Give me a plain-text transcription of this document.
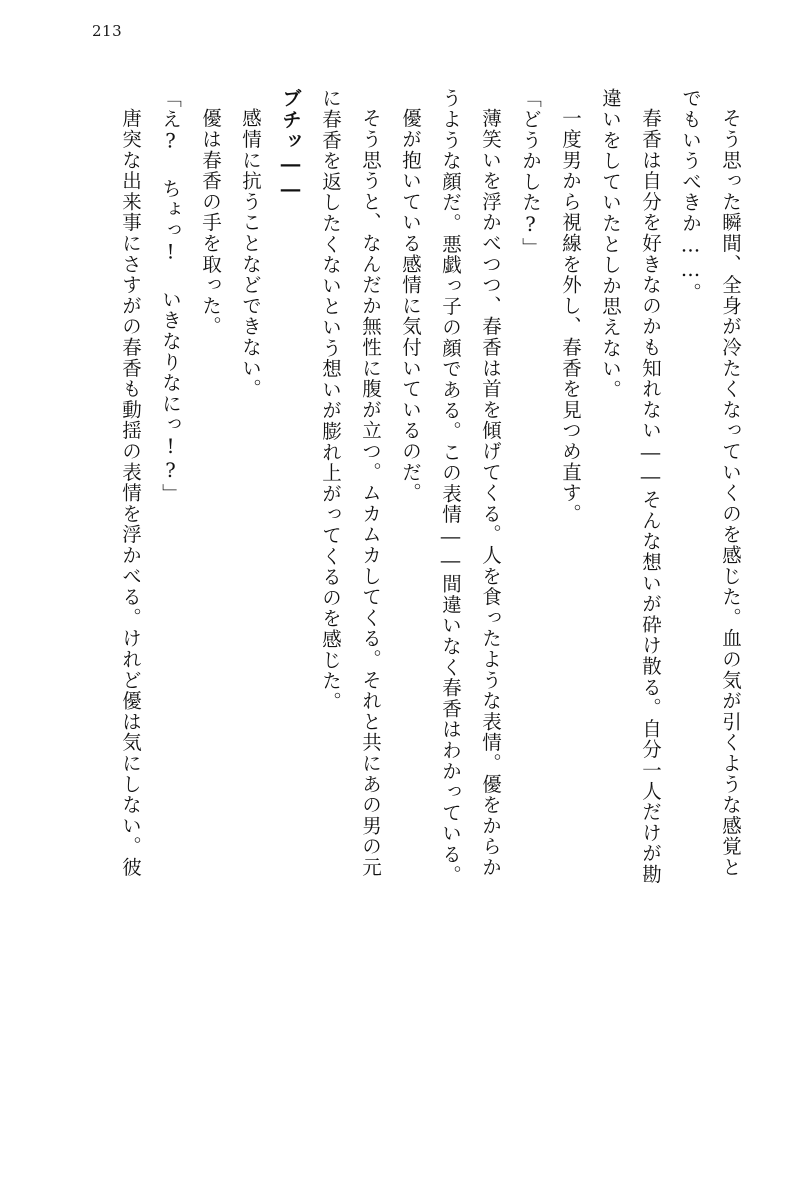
213

そう思った瞬間、全身が冷たくなっていくのを感じた。血の気が引くような感覚と

でもいうべきか……。

春香は自分を好きなのかも知れない――そんな想いが砕け散る。自分一人だけが勘

違いをしていたとしか思えない。

一度男から視線を外し、春香を見つめ直す。

「どうかした?」

薄笑いを浮かべつつ、春香は首を傾げてくる。人を食ったような表情。優をからか

うような顔だ。悪戯っ子の顔である。この表情――間違いなく春香はわかっている。

優が抱いている感情に気付いているのだ。

そう思うと、なんだか無性に腹が立つ。ムカムカしてくる。それと共にあの男の元

に春香を返したくないという想いが膨れ上がってくるのを感じた。

ブチッ――

感情に抗うことなどできない。

優は春香の手を取った。

「え? ちょっ! いきなりなにっ!?」

唐突な出来事にさすがの春香も動揺の表情を浮かべる。けれど優は気にしない。彼
